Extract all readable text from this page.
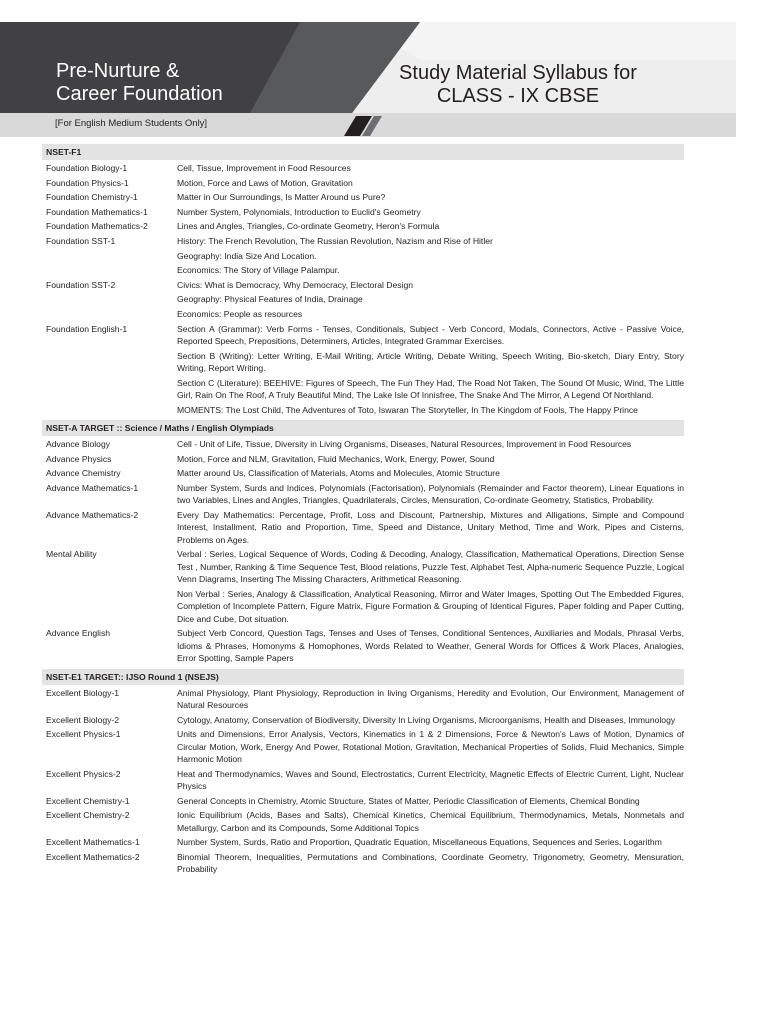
Pre-Nurture &
Career Foundation
Study Material Syllabus for
CLASS - IX CBSE
[For English Medium Students Only]
NSET-F1
Foundation Biology-1	Cell, Tissue, Improvement in Food Resources

Foundation Physics-1	Motion, Force and Laws of Motion, Gravitation

Foundation Chemistry-1	Matter in Our Surroundings, Is Matter Around us Pure?

Foundation Mathematics-1	Number System, Polynomials, Introduction to Euclid's Geometry

Foundation Mathematics-2	Lines and Angles, Triangles, Co-ordinate Geometry, Heron's Formula

Foundation SST-1	History: The French Revolution, The Russian Revolution, Nazism and Rise of Hitler

Geography: India Size And Location.

Economics: The Story of Village Palampur.

Foundation SST-2	Civics: What is Democracy, Why Democracy, Electoral Design

Geography: Physical Features of India, Drainage

Economics: People as resources

Foundation English-1	Section A (Grammar): Verb Forms - Tenses, Conditionals, Subject - Verb Concord, Modals, Connectors, Active - Passive Voice, Reported Speech, Prepositions, Determiners, Articles, Integrated Grammar Exercises.

Section B (Writing): Letter Writing, E-Mail Writing, Article Writing, Debate Writing, Speech Writing, Bio-sketch, Diary Entry, Story Writing, Report Writing.

Section C (Literature): BEEHIVE: Figures of Speech, The Fun They Had, The Road Not Taken, The Sound Of Music, Wind, The Little Girl, Rain On The Roof, A Truly Beautiful Mind, The Lake Isle Of Innisfree, The Snake And The Mirror, A Legend Of Northland.

MOMENTS: The Lost Child, The Adventures of Toto, Iswaran The Storyteller, In The Kingdom of Fools, The Happy Prince

NSET-A TARGET :: Science / Maths / English Olympiads
Advance Biology	Cell - Unit of Life, Tissue, Diversity in Living Organisms, Diseases, Natural Resources, Improvement in Food Resources

Advance Physics	Motion, Force and NLM, Gravitation, Fluid Mechanics, Work, Energy, Power, Sound

Advance Chemistry	Matter around Us, Classification of Materials, Atoms and Molecules, Atomic Structure

Advance Mathematics-1	Number System, Surds and Indices, Polynomials (Factorisation), Polynomials (Remainder and Factor theorem), Linear Equations in two Variables, Lines and Angles, Triangles, Quadrilaterals, Circles, Mensuration, Co-ordinate Geometry, Statistics, Probability.

Advance Mathematics-2	Every Day Mathematics: Percentage, Profit, Loss and Discount, Partnership, Mixtures and Alligations, Simple and Compound Interest, Installment, Ratio and Proportion, Time, Speed and Distance, Unitary Method, Time and Work, Pipes and Cisterns, Problems on Ages.

Mental Ability	Verbal : Series, Logical Sequence of Words, Coding & Decoding, Analogy, Classification, Mathematical Operations, Direction Sense Test , Number, Ranking & Time Sequence Test, Blood relations, Puzzle Test, Alphabet Test, Alpha-numeric Sequence Puzzle, Logical Venn Diagrams, Inserting The Missing Characters, Arithmetical Reasoning.

Non Verbal : Series, Analogy & Classification, Analytical Reasoning, Mirror and Water Images, Spotting Out The Embedded Figures, Completion of Incomplete Pattern, Figure Matrix, Figure Formation & Grouping of Identical Figures, Paper folding and Paper Cutting, Dice and Cube, Dot situation.

Advance English	Subject Verb Concord, Question Tags, Tenses and Uses of Tenses, Conditional Sentences, Auxiliaries and Modals, Phrasal Verbs, Idioms & Phrases, Homonyms & Homophones, Words Related to Weather, General Words for Offices & Work Places, Analogies, Error Spotting, Sample Papers

NSET-E1 TARGET:: IJSO Round 1 (NSEJS)
Excellent Biology-1	Animal Physiology, Plant Physiology, Reproduction in living Organisms, Heredity and Evolution, Our Environment, Management of Natural Resources

Excellent Biology-2	Cytology, Anatomy, Conservation of Biodiversity, Diversity In Living Organisms, Microorganisms, Health and Diseases, Immunology

Excellent Physics-1	Units and Dimensions, Error Analysis, Vectors, Kinematics in 1 & 2 Dimensions, Force & Newton's Laws of Motion, Dynamics of Circular Motion, Work, Energy And Power, Rotational Motion, Gravitation, Mechanical Properties of Solids, Fluid Mechanics, Simple Harmonic Motion

Excellent Physics-2	Heat and Thermodynamics, Waves and Sound, Electrostatics, Current Electricity, Magnetic Effects of Electric Current, Light, Nuclear Physics

Excellent Chemistry-1	General Concepts in Chemistry, Atomic Structure, States of Matter, Periodic Classification of Elements, Chemical Bonding

Excellent Chemistry-2	Ionic Equilibrium (Acids, Bases and Salts), Chemical Kinetics, Chemical Equilibrium, Thermodynamics, Metals, Nonmetals and Metallurgy, Carbon and its Compounds, Some Additional Topics

Excellent Mathematics-1	Number System, Surds, Ratio and Proportion, Quadratic Equation, Miscellaneous Equations, Sequences and Series, Logarithm

Excellent Mathematics-2	Binomial Theorem, Inequalities, Permutations and Combinations, Coordinate Geometry, Trigonometry, Geometry, Mensuration, Probability
